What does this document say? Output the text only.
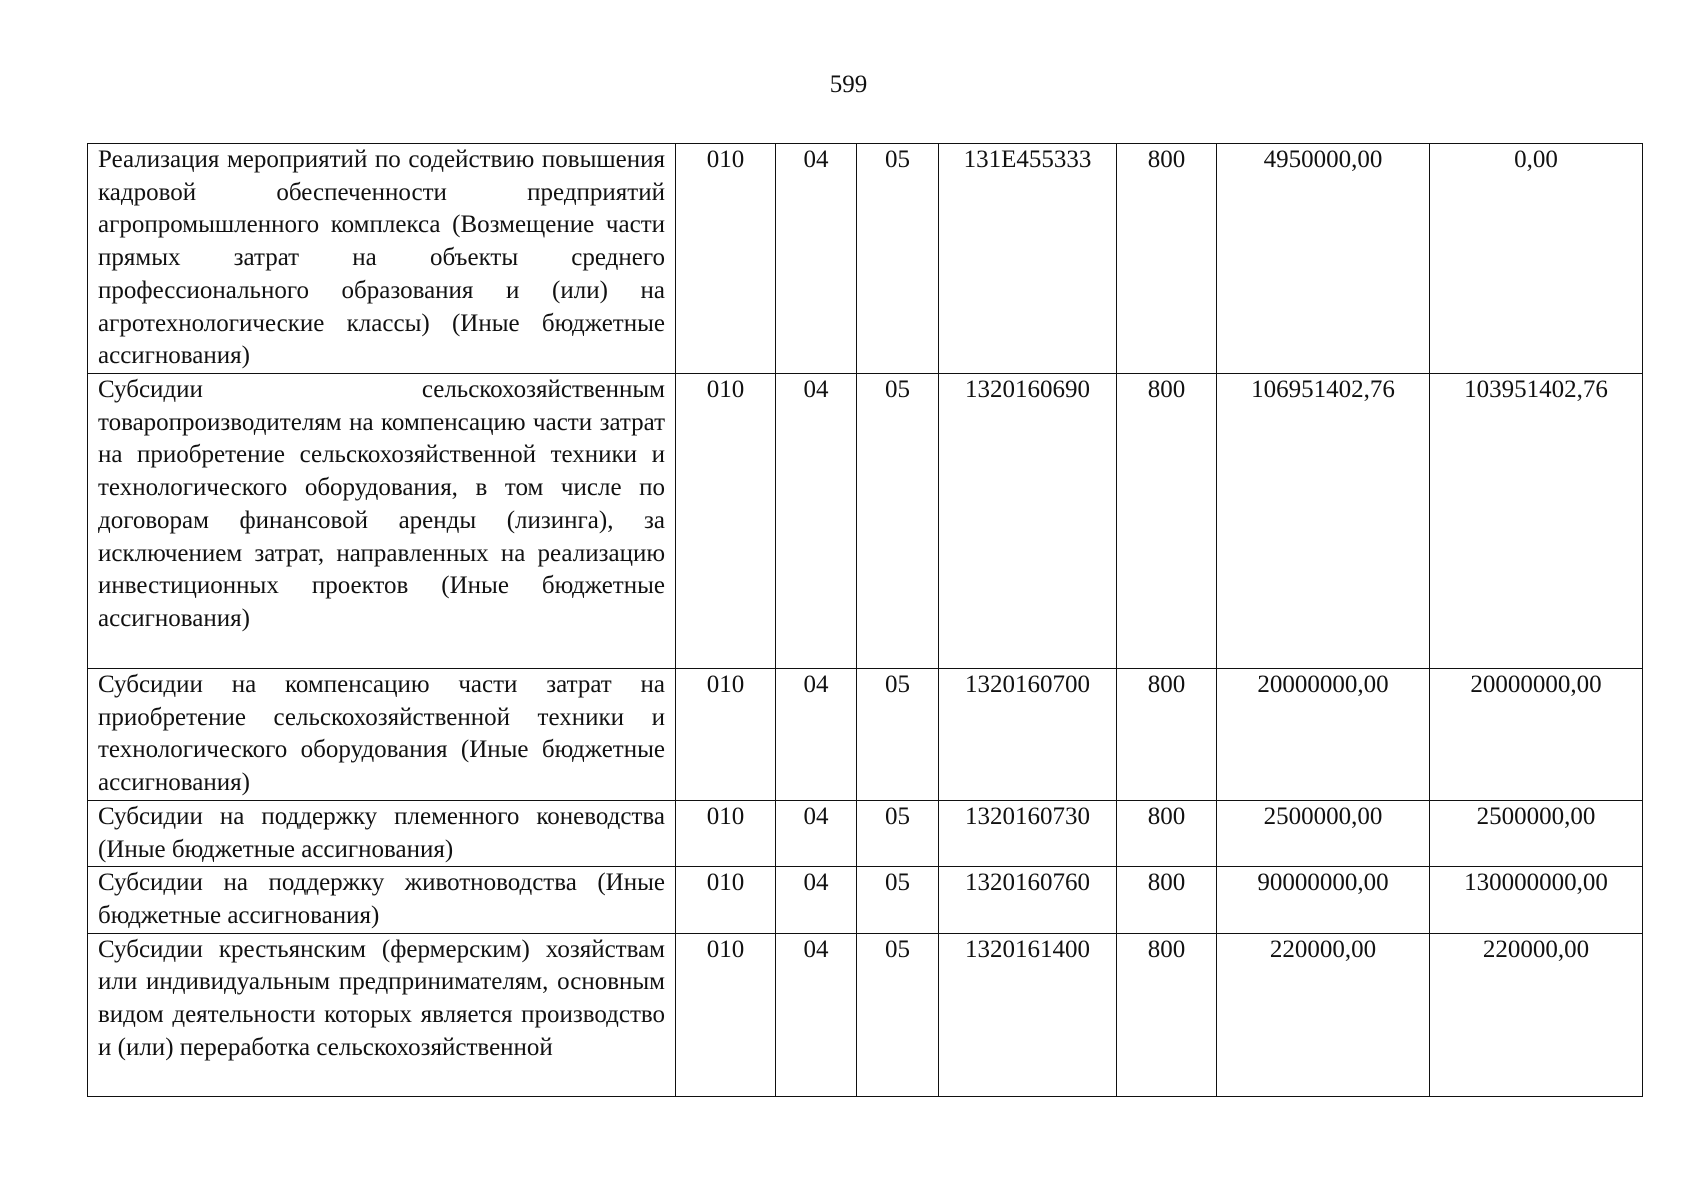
599
Реализация мероприятий по содействию повышения кадровой обеспеченности предприятий агропромышленного комплекса (Возмещение части прямых затрат на объекты среднего профессионального образования и (или) на агротехнологические классы) (Иные бюджетные ассигнования)	010	04	05	131Е455333	800	4950000,00	0,00
Субсидии сельскохозяйственным товаропроизводителям на компенсацию части затрат на приобретение сельскохозяйственной техники и технологического оборудования, в том числе по договорам финансовой аренды (лизинга), за исключением затрат, направленных на реализацию инвестиционных проектов (Иные бюджетные ассигнования)	010	04	05	1320160690	800	106951402,76	103951402,76
Субсидии на компенсацию части затрат на приобретение сельскохозяйственной техники и технологического оборудования (Иные бюджетные ассигнования)	010	04	05	1320160700	800	20000000,00	20000000,00
Субсидии на поддержку племенного коневодства (Иные бюджетные ассигнования)	010	04	05	1320160730	800	2500000,00	2500000,00
Субсидии на поддержку животноводства (Иные бюджетные ассигнования)	010	04	05	1320160760	800	90000000,00	130000000,00
Субсидии крестьянским (фермерским) хозяйствам или индивидуальным предпринимателям, основным видом деятельности которых является производство и (или) переработка сельскохозяйственной	010	04	05	1320161400	800	220000,00	220000,00
